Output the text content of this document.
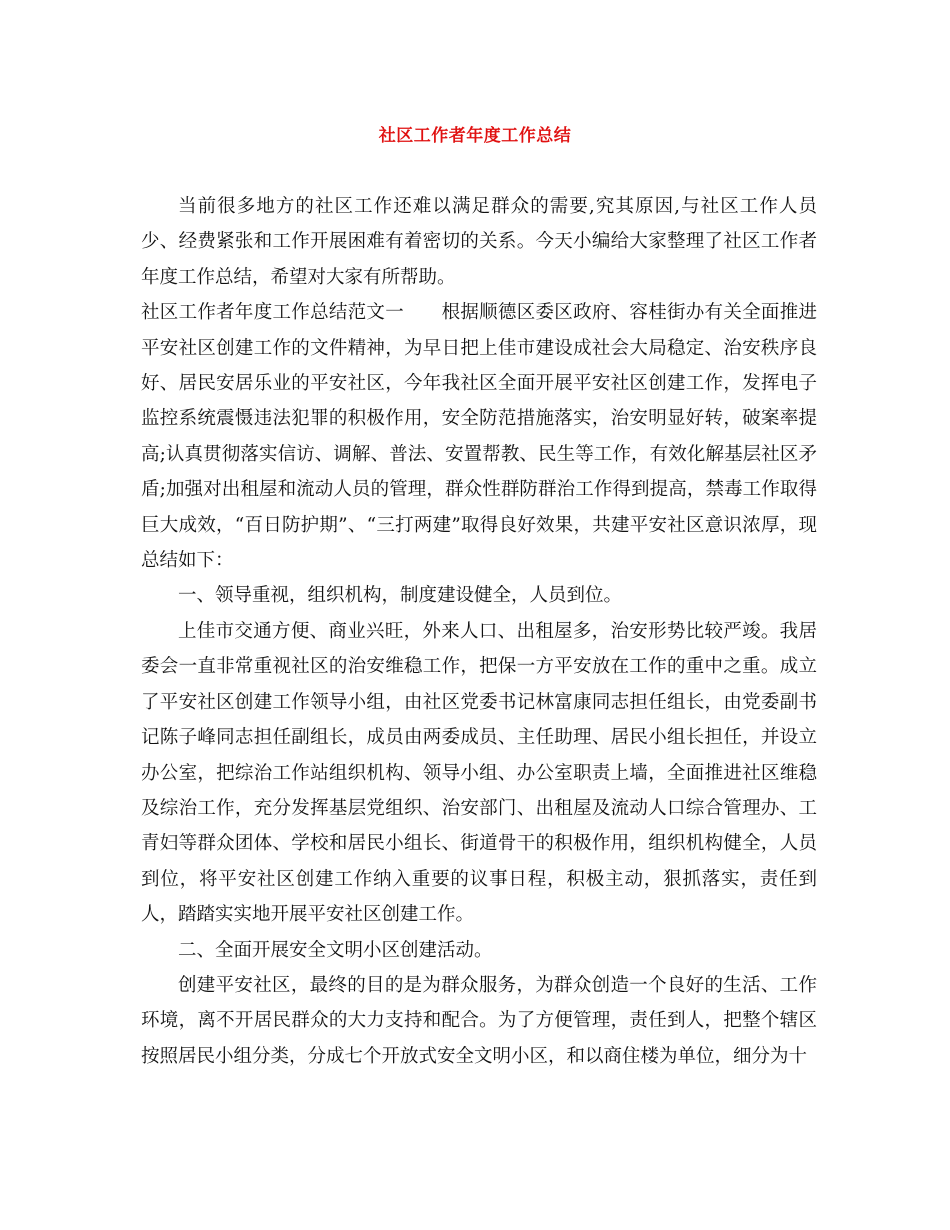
社区工作者年度工作总结

当前很多地方的社区工作还难以满足群众的需要,究其原因,与社区工作人员少、经费紧张和工作开展困难有着密切的关系。今天小编给大家整理了社区工作者年度工作总结，希望对大家有所帮助。

社区工作者年度工作总结范文一　　根据顺德区委区政府、容桂街办有关全面推进平安社区创建工作的文件精神，为早日把上佳市建设成社会大局稳定、治安秩序良好、居民安居乐业的平安社区，今年我社区全面开展平安社区创建工作，发挥电子监控系统震慑违法犯罪的积极作用，安全防范措施落实，治安明显好转，破案率提高;认真贯彻落实信访、调解、普法、安置帮教、民生等工作，有效化解基层社区矛盾;加强对出租屋和流动人员的管理，群众性群防群治工作得到提高，禁毒工作取得巨大成效，“百日防护期”、“三打两建”取得良好效果，共建平安社区意识浓厚，现总结如下：

一、领导重视，组织机构，制度建设健全，人员到位。

上佳市交通方便、商业兴旺，外来人口、出租屋多，治安形势比较严竣。我居委会一直非常重视社区的治安维稳工作，把保一方平安放在工作的重中之重。成立了平安社区创建工作领导小组，由社区党委书记林富康同志担任组长，由党委副书记陈子峰同志担任副组长，成员由两委成员、主任助理、居民小组长担任，并设立办公室，把综治工作站组织机构、领导小组、办公室职责上墙，全面推进社区维稳及综治工作，充分发挥基层党组织、治安部门、出租屋及流动人口综合管理办、工青妇等群众团体、学校和居民小组长、街道骨干的积极作用，组织机构健全，人员到位，将平安社区创建工作纳入重要的议事日程，积极主动，狠抓落实，责任到人，踏踏实实地开展平安社区创建工作。

二、全面开展安全文明小区创建活动。

创建平安社区，最终的目的是为群众服务，为群众创造一个良好的生活、工作环境，离不开居民群众的大力支持和配合。为了方便管理，责任到人，把整个辖区按照居民小组分类，分成七个开放式安全文明小区，和以商住楼为单位，细分为十
